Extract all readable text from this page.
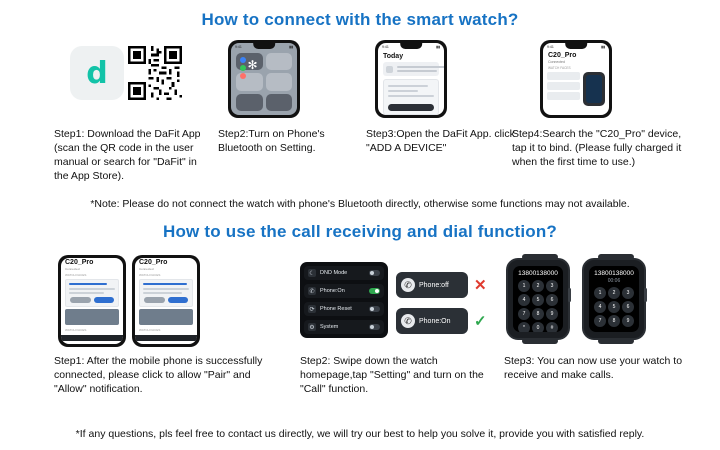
How to connect with the smart watch?
d
9:41	▮▮
✻
9:41	▮▮
Today
9:41	▮▮
C20_Pro
Connected
WATCH FACES
Step1: Download the DaFit App (scan the QR code in the user manual or search for "DaFit" in the App Store).
Step2:Turn on Phone's Bluetooth on Setting.
Step3:Open the DaFit App. click "ADD A DEVICE"
Step4:Search the "C20_Pro" device, tap it to bind. (Please fully charged it when the first time to use.)
*Note: Please do not connect the watch with phone's Bluetooth directly, otherwise some functions may not available.
How to use the call receiving and dial function?
C20_Pro
Connected
WATCH FACES
WATCH FACES
C20_Pro
Connected
WATCH FACES
WATCH FACES
☾ DND Mode
✆ Phone:On
⟳ Phone Reset
⚙ System
✆	Phone:off ✕
✆	Phone:On ✓
13800138000
1	2	3
4	5	6
7	8	9
*	0	#
13800138000
00:06
1	2	3
4	5	6
7	8	9
Step1: After the mobile phone is successfully connected, please click to allow "Pair" and "Allow" notification.
Step2: Swipe down the watch homepage,tap "Setting" and turn on the "Call" function.
Step3: You can now use your watch to receive and make calls.
*If any questions, pls feel free to contact us directly, we will try our best to help you solve it, provide you with satisfied reply.
